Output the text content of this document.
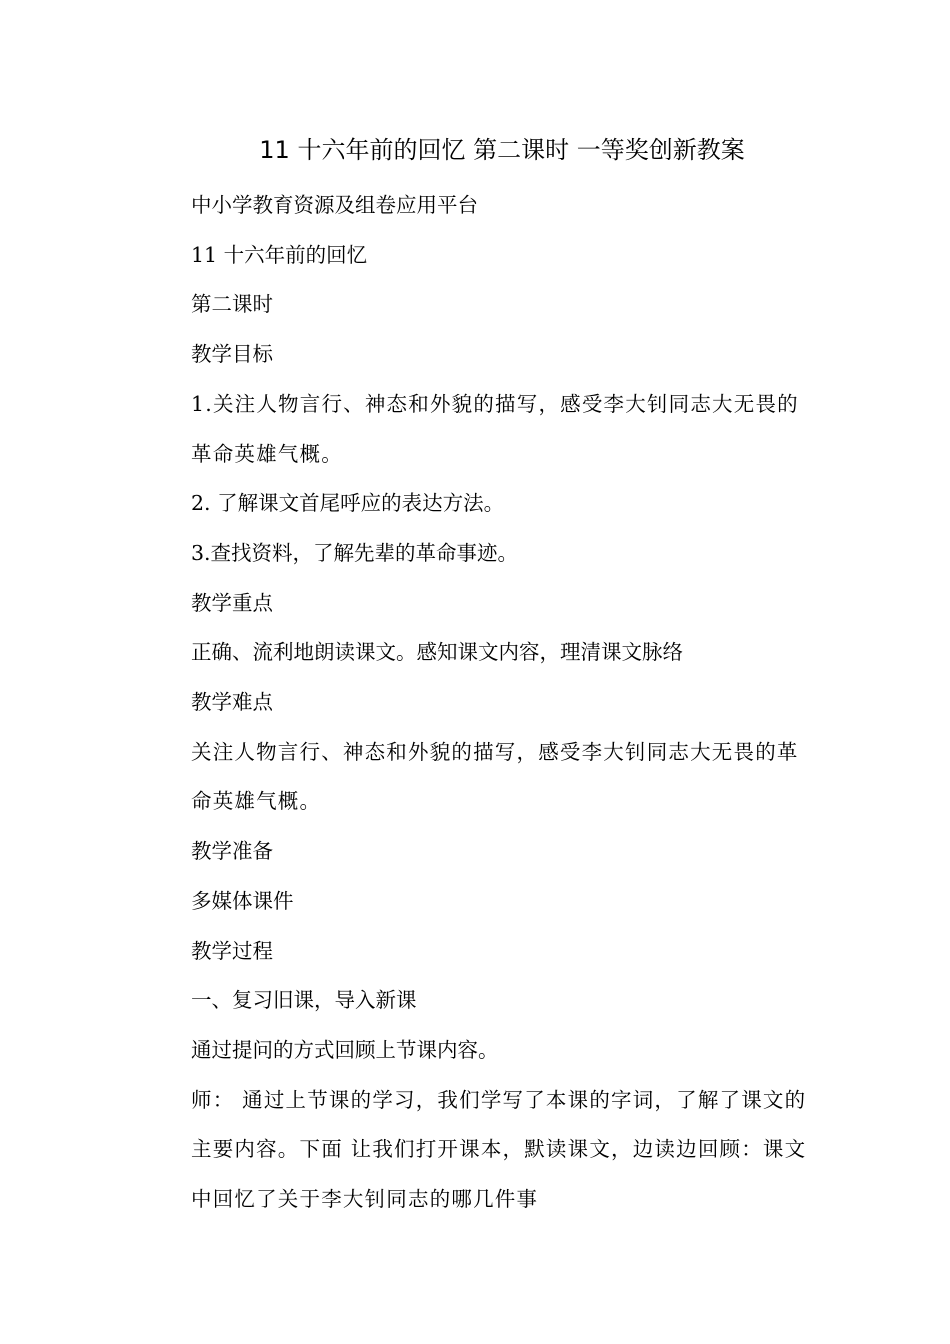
11 十六年前的回忆 第二课时 一等奖创新教案

中小学教育资源及组卷应用平台

11 十六年前的回忆

第二课时

教学目标

1.关注人物言行、神态和外貌的描写，感受李大钊同志大无畏的革命英雄气概。

2. 了解课文首尾呼应的表达方法。

3.查找资料，了解先辈的革命事迹。

教学重点

正确、流利地朗读课文。感知课文内容，理清课文脉络

教学难点

关注人物言行、神态和外貌的描写，感受李大钊同志大无畏的革命英雄气概。

教学准备

多媒体课件

教学过程

一、复习旧课，导入新课

通过提问的方式回顾上节课内容。

师： 通过上节课的学习，我们学写了本课的字词，了解了课文的主要内容。下面 让我们打开课本，默读课文，边读边回顾：课文中回忆了关于李大钊同志的哪几件事
